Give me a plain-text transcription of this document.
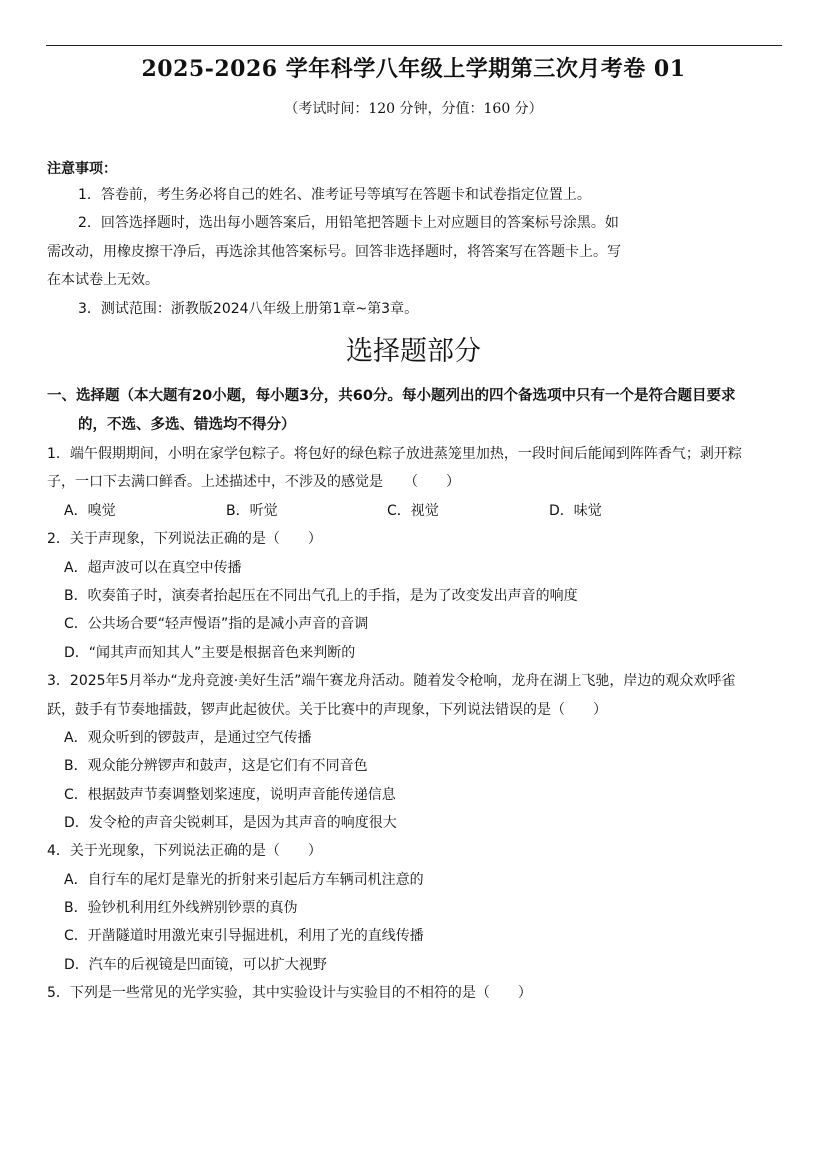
2025-2026 学年科学八年级上学期第三次月考卷 01
（考试时间：120 分钟，分值：160 分）
注意事项：
1．答卷前，考生务必将自己的姓名、准考证号等填写在答题卡和试卷指定位置上。
2．回答选择题时，选出每小题答案后，用铅笔把答题卡上对应题目的答案标号涂黑。如
需改动，用橡皮擦干净后，再选涂其他答案标号。回答非选择题时，将答案写在答题卡上。写
在本试卷上无效。
3．测试范围：浙教版2024八年级上册第1章~第3章。
选择题部分
一、选择题（本大题有20小题，每小题3分，共60分。每小题列出的四个备选项中只有一个是符合题目要求
的，不选、多选、错选均不得分）
1．端午假期期间，小明在家学包粽子。将包好的绿色粽子放进蒸笼里加热，一段时间后能闻到阵阵香气；剥开粽
子，一口下去满口鲜香。上述描述中，不涉及的感觉是　　（　　）
A．嗅觉	B．听觉	C．视觉	D．味觉
2．关于声现象，下列说法正确的是（　　）
A．超声波可以在真空中传播
B．吹奏笛子时，演奏者抬起压在不同出气孔上的手指，是为了改变发出声音的响度
C．公共场合要“轻声慢语”指的是减小声音的音调
D．“闻其声而知其人”主要是根据音色来判断的
3．2025年5月举办“龙舟竞渡·美好生活”端午赛龙舟活动。随着发令枪响，龙舟在湖上飞驰，岸边的观众欢呼雀
跃，鼓手有节奏地擂鼓，锣声此起彼伏。关于比赛中的声现象，下列说法错误的是（　　）
A．观众听到的锣鼓声，是通过空气传播
B．观众能分辨锣声和鼓声，这是它们有不同音色
C．根据鼓声节奏调整划桨速度，说明声音能传递信息
D．发令枪的声音尖锐刺耳，是因为其声音的响度很大
4．关于光现象，下列说法正确的是（　　）
A．自行车的尾灯是靠光的折射来引起后方车辆司机注意的
B．验钞机利用红外线辨别钞票的真伪
C．开凿隧道时用激光束引导掘进机，利用了光的直线传播
D．汽车的后视镜是凹面镜，可以扩大视野
5．下列是一些常见的光学实验，其中实验设计与实验目的不相符的是（　　）
